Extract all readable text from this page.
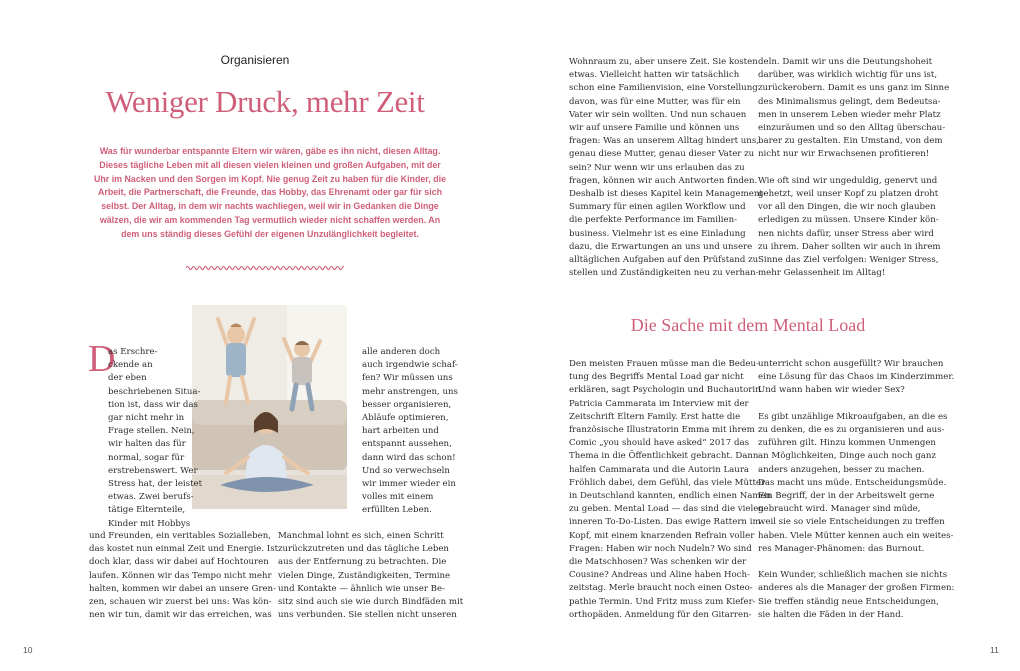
Organisieren
Weniger Druck, mehr Zeit
Was für wunderbar entspannte Eltern wir wären, gäbe es ihn nicht, diesen Alltag.
Dieses tägliche Leben mit all diesen vielen kleinen und großen Aufgaben, mit der
Uhr im Nacken und den Sorgen im Kopf. Nie genug Zeit zu haben für die Kinder, die
Arbeit, die Partnerschaft, die Freunde, das Hobby, das Ehrenamt oder gar für sich
selbst. Der Alltag, in dem wir nachts wachliegen, weil wir in Gedanken die Dinge
wälzen, die wir am kommenden Tag vermutlich wieder nicht schaffen werden. An
dem uns ständig dieses Gefühl der eigenen Unzulänglichkeit begleitet.
D
as Erschre-
ckende an
der eben
beschriebenen Situa-
tion ist, dass wir das
gar nicht mehr in
Frage stellen. Nein,
wir halten das für
normal, sogar für
erstrebenswert. Wer
Stress hat, der leistet
etwas. Zwei berufs-
tätige Elternteile,
Kinder mit Hobbys
und Freunden, ein veritables Sozialleben,
das kostet nun einmal Zeit und Energie. Ist
doch klar, dass wir dabei auf Hochtouren
laufen. Können wir das Tempo nicht mehr
halten, kommen wir dabei an unsere Gren-
zen, schauen wir zuerst bei uns: Was kön-
nen wir tun, damit wir das erreichen, was
alle anderen doch
auch irgendwie schaf-
fen? Wir müssen uns
mehr anstrengen, uns
besser organisieren,
Abläufe optimieren,
hart arbeiten und
entspannt aussehen,
dann wird das schon!
Und so verwechseln
wir immer wieder ein
volles mit einem
erfüllten Leben.
Manchmal lohnt es sich, einen Schritt
zurückzutreten und das tägliche Leben
aus der Entfernung zu betrachten. Die
vielen Dinge, Zuständigkeiten, Termine
und Kontakte — ähnlich wie unser Be-
sitz sind auch sie wie durch Bindfäden mit
uns verbunden. Sie stellen nicht unseren
10
Wohnraum zu, aber unsere Zeit. Sie kosten
etwas. Vielleicht hatten wir tatsächlich
schon eine Familienvision, eine Vorstellung
davon, was für eine Mutter, was für ein
Vater wir sein wollten. Und nun schauen
wir auf unsere Familie und können uns
fragen: Was an unserem Alltag hindert uns,
genau diese Mutter, genau dieser Vater zu
sein? Nur wenn wir uns erlauben das zu
fragen, können wir auch Antworten finden.
Deshalb ist dieses Kapitel kein Management-
Summary für einen agilen Workflow und
die perfekte Performance im Familien-
business. Vielmehr ist es eine Einladung
dazu, die Erwartungen an uns und unsere
alltäglichen Aufgaben auf den Prüfstand zu
stellen und Zuständigkeiten neu zu verhan-
deln. Damit wir uns die Deutungshoheit
darüber, was wirklich wichtig für uns ist,
zurückerobern. Damit es uns ganz im Sinne
des Minimalismus gelingt, dem Bedeutsa-
men in unserem Leben wieder mehr Platz
einzuräumen und so den Alltag überschau-
barer zu gestalten. Ein Umstand, von dem
nicht nur wir Erwachsenen profitieren!

Wie oft sind wir ungeduldig, genervt und
gehetzt, weil unser Kopf zu platzen droht
vor all den Dingen, die wir noch glauben
erledigen zu müssen. Unsere Kinder kön-
nen nichts dafür, unser Stress aber wird
zu ihrem. Daher sollten wir auch in ihrem
Sinne das Ziel verfolgen: Weniger Stress,
mehr Gelassenheit im Alltag!
Die Sache mit dem Mental Load
Den meisten Frauen müsse man die Bedeu-
tung des Begriffs Mental Load gar nicht
erklären, sagt Psychologin und Buchautorin
Patricia Cammarata im Interview mit der
Zeitschrift Eltern Family. Erst hatte die
französische Illustratorin Emma mit ihrem
Comic „you should have asked“ 2017 das
Thema in die Öffentlichkeit gebracht. Dann
halfen Cammarata und die Autorin Laura
Fröhlich dabei, dem Gefühl, das viele Mütter
in Deutschland kannten, endlich einen Namen
zu geben. Mental Load — das sind die vielen
inneren To-Do-Listen. Das ewige Rattern im
Kopf, mit einem knarzenden Refrain voller
Fragen: Haben wir noch Nudeln? Wo sind
die Matschhosen? Was schenken wir der
Cousine? Andreas und Aline haben Hoch-
zeitstag. Merle braucht noch einen Osteo-
pathie Termin. Und Fritz muss zum Kiefer-
orthopäden. Anmeldung für den Gitarren-
unterricht schon ausgefüllt? Wir brauchen
eine Lösung für das Chaos im Kinderzimmer.
Und wann haben wir wieder Sex?

Es gibt unzählige Mikroaufgaben, an die es
zu denken, die es zu organisieren und aus-
zuführen gilt. Hinzu kommen Unmengen
an Möglichkeiten, Dinge auch noch ganz
anders anzugehen, besser zu machen.
Das macht uns müde. Entscheidungsmüde.
Ein Begriff, der in der Arbeitswelt gerne
gebraucht wird. Manager sind müde,
weil sie so viele Entscheidungen zu treffen
haben. Viele Mütter kennen auch ein weites-
res Manager-Phänomen: das Burnout.

Kein Wunder, schließlich machen sie nichts
anderes als die Manager der großen Firmen:
Sie treffen ständig neue Entscheidungen,
sie halten die Fäden in der Hand.
11
